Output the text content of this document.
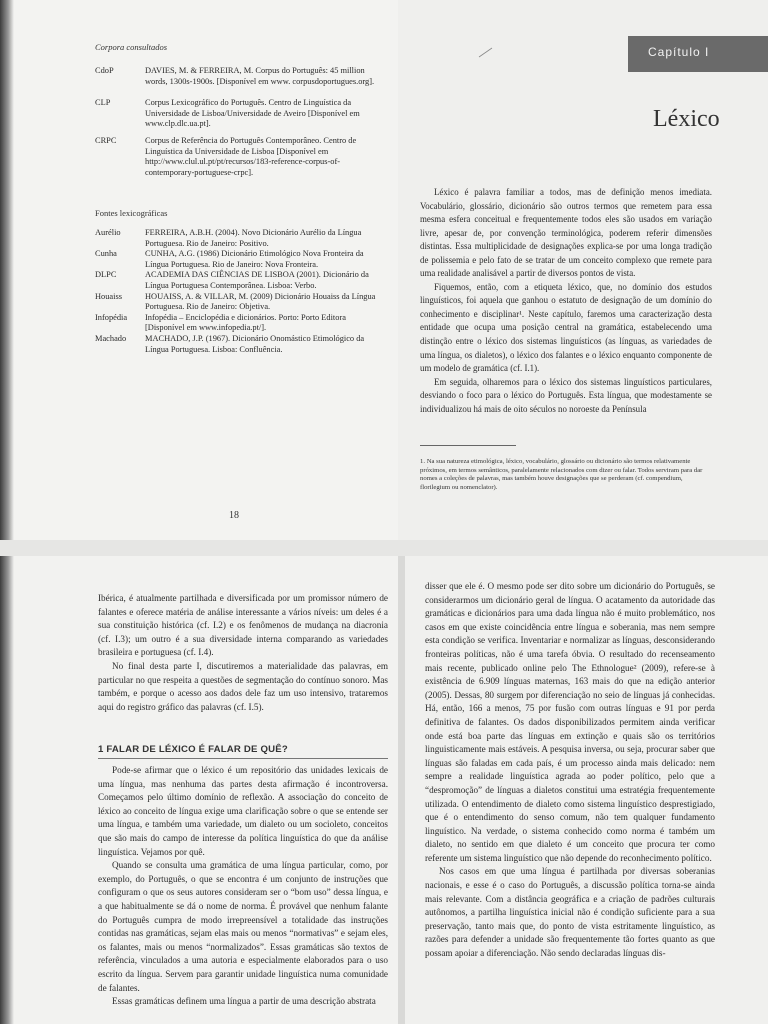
Corpora consultados
CdoP	DAVIES, M. & FERREIRA, M. Corpus do Português: 45 million words, 1300s-1900s. [Disponível em www. corpusdoportugues.org].
CLP	Corpus Lexicográfico do Português. Centro de Linguística da Universidade de Lisboa/Universidade de Aveiro [Disponível em www.clp.dlc.ua.pt].
CRPC	Corpus de Referência do Português Contemporâneo. Centro de Linguística da Universidade de Lisboa [Disponível em http://www.clul.ul.pt/pt/recursos/183-reference-corpus-of-contemporary-portuguese-crpc].
Fontes lexicográficas
Aurélio	FERREIRA, A.B.H. (2004). Novo Dicionário Aurélio da Língua Portuguesa. Rio de Janeiro: Positivo.
Cunha	CUNHA, A.G. (1986) Dicionário Etimológico Nova Fronteira da Língua Portuguesa. Rio de Janeiro: Nova Fronteira.
DLPC	ACADEMIA DAS CIÊNCIAS DE LISBOA (2001). Dicionário da Língua Portuguesa Contemporânea. Lisboa: Verbo.
Houaiss	HOUAISS, A. & VILLAR, M. (2009) Dicionário Houaiss da Língua Portuguesa. Rio de Janeiro: Objetiva.
Infopédia	Infopédia – Enciclopédia e dicionários. Porto: Porto Editora [Disponível em www.infopedia.pt/].
Machado	MACHADO, J.P. (1967). Dicionário Onomástico Etimológico da Língua Portuguesa. Lisboa: Confluência.
18
Capítulo I
Léxico

Léxico é palavra familiar a todos, mas de definição menos imediata. Vocabulário, glossário, dicionário são outros termos que remetem para essa mesma esfera conceitual e frequentemente todos eles são usados em variação livre, apesar de, por convenção terminológica, poderem referir dimensões distintas. Essa multiplicidade de designações explica-se por uma longa tradição de polissemia e pelo fato de se tratar de um conceito complexo que remete para uma realidade analisável a partir de diversos pontos de vista.

Fiquemos, então, com a etiqueta léxico, que, no domínio dos estudos linguísticos, foi aquela que ganhou o estatuto de designação de um domínio do conhecimento e disciplinar¹. Neste capítulo, faremos uma caracterização desta entidade que ocupa uma posição central na gramática, estabelecendo uma distinção entre o léxico dos sistemas linguísticos (as línguas, as variedades de uma língua, os dialetos), o léxico dos falantes e o léxico enquanto componente de um modelo de gramática (cf. I.1).

Em seguida, olharemos para o léxico dos sistemas linguísticos particulares, desviando o foco para o léxico do Português. Esta língua, que modestamente se individualizou há mais de oito séculos no noroeste da Península

1. Na sua natureza etimológica, léxico, vocabulário, glossário ou dicionário são termos relativamente próximos, em termos semânticos, paralelamente relacionados com dizer ou falar. Todos serviram para dar nomes a coleções de palavras, mas também houve designações que se perderam (cf. compendium, florilegium ou nomenclator).

Ibérica, é atualmente partilhada e diversificada por um promissor número de falantes e oferece matéria de análise interessante a vários níveis: um deles é a sua constituição histórica (cf. I.2) e os fenômenos de mudança na diacronia (cf. I.3); um outro é a sua diversidade interna comparando as variedades brasileira e portuguesa (cf. I.4).

No final desta parte I, discutiremos a materialidade das palavras, em particular no que respeita a questões de segmentação do contínuo sonoro. Mas também, e porque o acesso aos dados dele faz um uso intensivo, trataremos aqui do registro gráfico das palavras (cf. I.5).

1 FALAR DE LÉXICO É FALAR DE QUÊ?

Pode-se afirmar que o léxico é um repositório das unidades lexicais de uma língua, mas nenhuma das partes desta afirmação é incontroversa. Começamos pelo último domínio de reflexão. A associação do conceito de léxico ao conceito de língua exige uma clarificação sobre o que se entende ser uma língua, e também uma variedade, um dialeto ou um socioleto, conceitos que são mais do campo de interesse da política linguística do que da análise linguística. Vejamos por quê.

Quando se consulta uma gramática de uma língua particular, como, por exemplo, do Português, o que se encontra é um conjunto de instruções que configuram o que os seus autores consideram ser o “bom uso” dessa língua, e a que habitualmente se dá o nome de norma. É provável que nenhum falante do Português cumpra de modo irrepreensível a totalidade das instruções contidas nas gramáticas, sejam elas mais ou menos “normativas” e sejam eles, os falantes, mais ou menos “normalizados”. Essas gramáticas são textos de referência, vinculados a uma autoria e especialmente elaborados para o uso escrito da língua. Servem para garantir unidade linguística numa comunidade de falantes.

Essas gramáticas definem uma língua a partir de uma descrição abstrata

disser que ele é. O mesmo pode ser dito sobre um dicionário do Português, se considerarmos um dicionário geral de língua. O acatamento da autoridade das gramáticas e dicionários para uma dada língua não é muito problemático, nos casos em que existe coincidência entre língua e soberania, mas nem sempre esta condição se verifica. Inventariar e normalizar as línguas, desconsiderando fronteiras políticas, não é uma tarefa óbvia. O resultado do recenseamento mais recente, publicado online pelo The Ethnologue² (2009), refere-se à existência de 6.909 línguas maternas, 163 mais do que na edição anterior (2005). Dessas, 80 surgem por diferenciação no seio de línguas já conhecidas. Há, então, 166 a menos, 75 por fusão com outras línguas e 91 por perda definitiva de falantes. Os dados disponibilizados permitem ainda verificar onde está boa parte das línguas em extinção e quais são os territórios linguisticamente mais estáveis. A pesquisa inversa, ou seja, procurar saber que línguas são faladas em cada país, é um processo ainda mais delicado: nem sempre a realidade linguística agrada ao poder político, pelo que a “despromoção” de línguas a dialetos constitui uma estratégia frequentemente utilizada. O entendimento de dialeto como sistema linguístico desprestigiado, que é o entendimento do senso comum, não tem qualquer fundamento linguístico. Na verdade, o sistema conhecido como norma é também um dialeto, no sentido em que dialeto é um conceito que procura ter como referente um sistema linguístico que não depende do reconhecimento político.

Nos casos em que uma língua é partilhada por diversas soberanias nacionais, e esse é o caso do Português, a discussão política torna-se ainda mais relevante. Com a distância geográfica e a criação de padrões culturais autônomos, a partilha linguística inicial não é condição suficiente para a sua preservação, tanto mais que, do ponto de vista estritamente linguístico, as razões para defender a unidade são frequentemente tão fortes quanto as que possam apoiar a diferenciação. Não sendo declaradas línguas dis-
